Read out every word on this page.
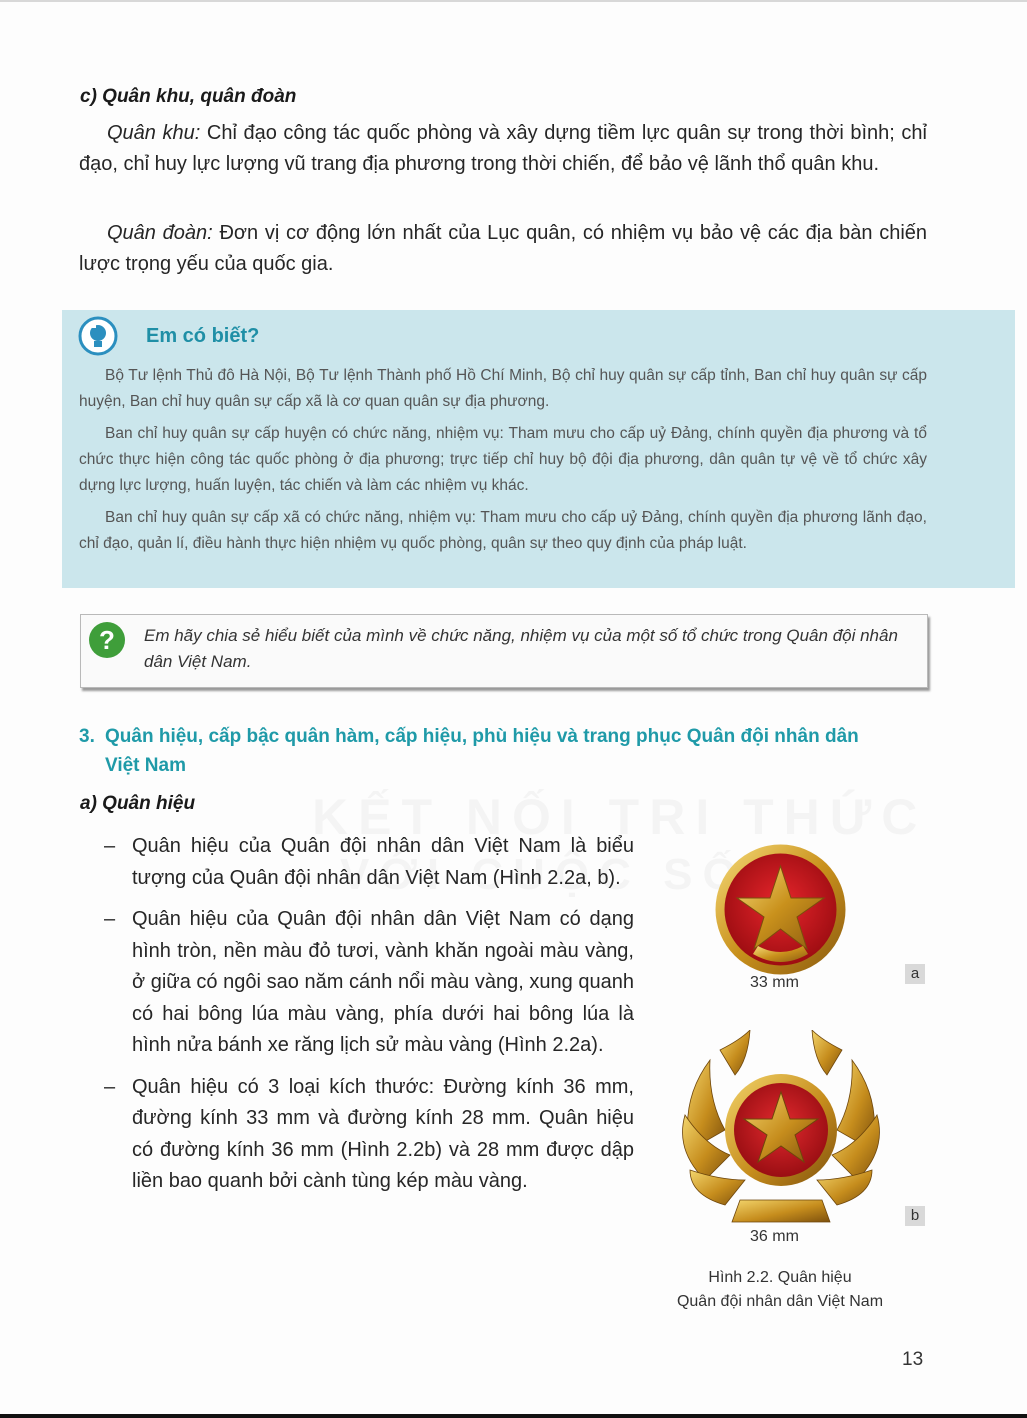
c) Quân khu, quân đoàn
Quân khu: Chỉ đạo công tác quốc phòng và xây dựng tiềm lực quân sự trong thời bình; chỉ đạo, chỉ huy lực lượng vũ trang địa phương trong thời chiến, để bảo vệ lãnh thổ quân khu.
Quân đoàn: Đơn vị cơ động lớn nhất của Lục quân, có nhiệm vụ bảo vệ các địa bàn chiến lược trọng yếu của quốc gia.
Em có biết?
Bộ Tư lệnh Thủ đô Hà Nội, Bộ Tư lệnh Thành phố Hồ Chí Minh, Bộ chỉ huy quân sự cấp tỉnh, Ban chỉ huy quân sự cấp huyện, Ban chỉ huy quân sự cấp xã là cơ quan quân sự địa phương.
Ban chỉ huy quân sự cấp huyện có chức năng, nhiệm vụ: Tham mưu cho cấp uỷ Đảng, chính quyền địa phương và tổ chức thực hiện công tác quốc phòng ở địa phương; trực tiếp chỉ huy bộ đội địa phương, dân quân tự vệ về tổ chức xây dựng lực lượng, huấn luyện, tác chiến và làm các nhiệm vụ khác.
Ban chỉ huy quân sự cấp xã có chức năng, nhiệm vụ: Tham mưu cho cấp uỷ Đảng, chính quyền địa phương lãnh đạo, chỉ đạo, quản lí, điều hành thực hiện nhiệm vụ quốc phòng, quân sự theo quy định của pháp luật.
? Em hãy chia sẻ hiểu biết của mình về chức năng, nhiệm vụ của một số tổ chức trong Quân đội nhân dân Việt Nam.
3. Quân hiệu, cấp bậc quân hàm, cấp hiệu, phù hiệu và trang phục Quân đội nhân dân
Việt Nam
a) Quân hiệu
– Quân hiệu của Quân đội nhân dân Việt Nam là biểu tượng của Quân đội nhân dân Việt Nam (Hình 2.2a, b).
– Quân hiệu của Quân đội nhân dân Việt Nam có dạng hình tròn, nền màu đỏ tươi, vành khăn ngoài màu vàng, ở giữa có ngôi sao năm cánh nổi màu vàng, xung quanh có hai bông lúa màu vàng, phía dưới hai bông lúa là hình nửa bánh xe răng lịch sử màu vàng (Hình 2.2a).
– Quân hiệu có 3 loại kích thước: Đường kính 36 mm, đường kính 33 mm và đường kính 28 mm. Quân hiệu có đường kính 36 mm (Hình 2.2b) và 28 mm được dập liền bao quanh bởi cành tùng kép màu vàng.
33 mm
a
36 mm
b
Hình 2.2. Quân hiệu
Quân đội nhân dân Việt Nam
13
